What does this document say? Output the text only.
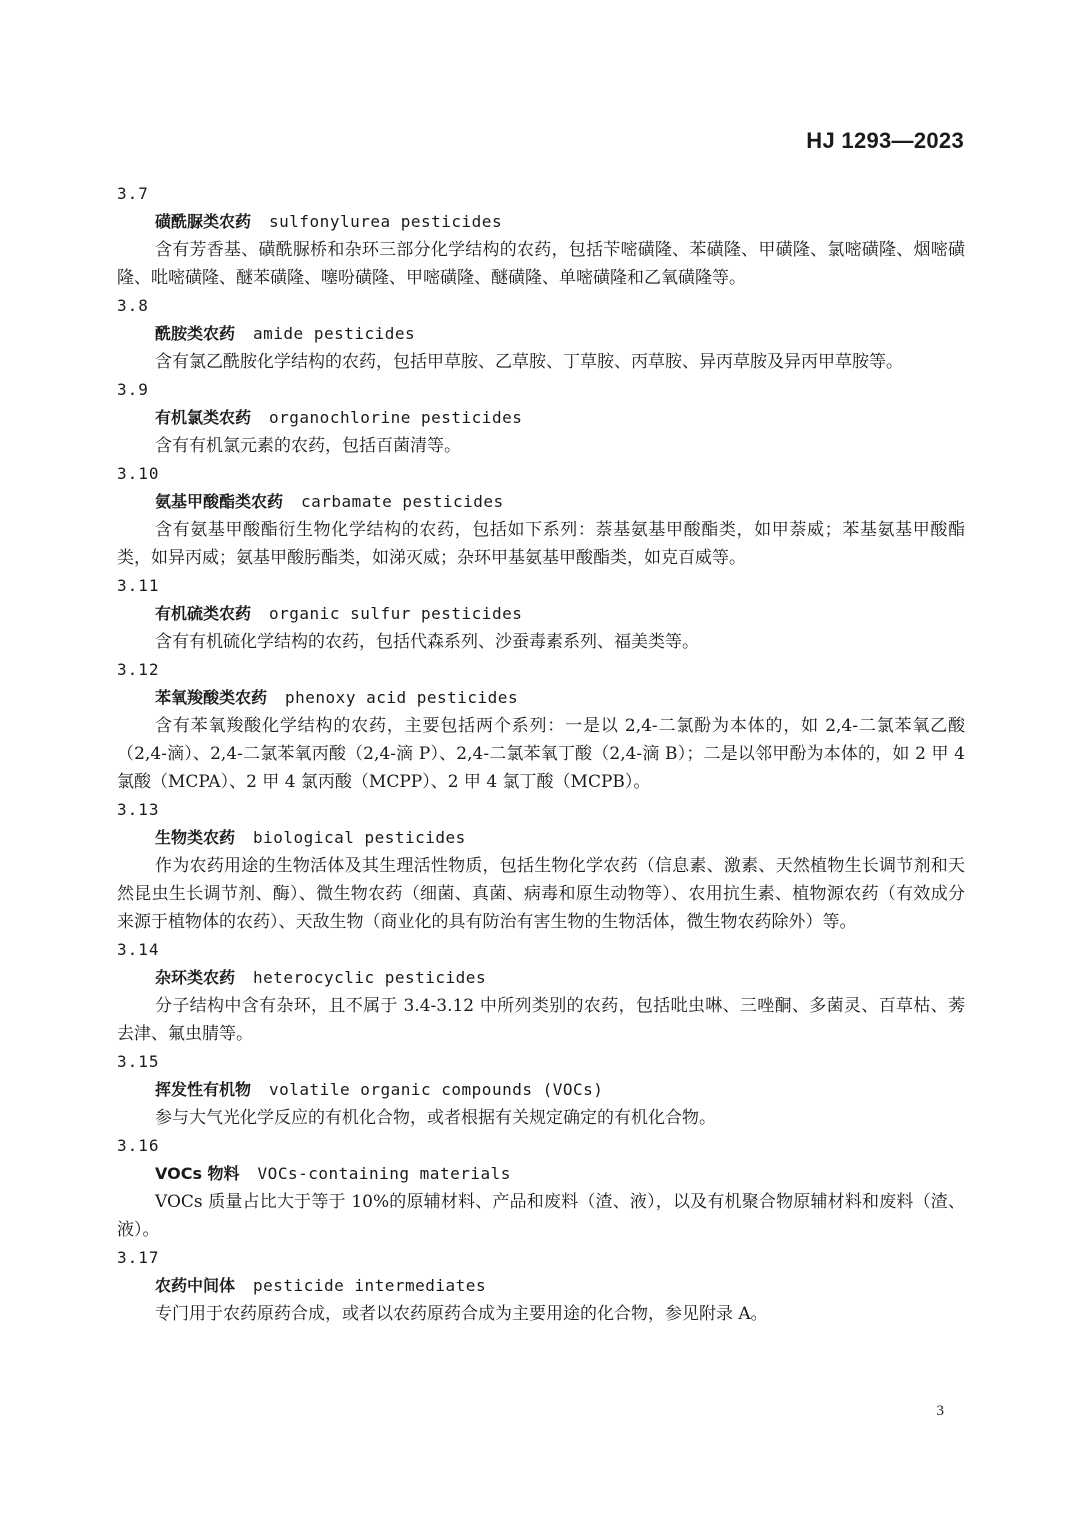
HJ 1293—2023
3.7
磺酰脲类农药 sulfonylurea pesticides

含有芳香基、磺酰脲桥和杂环三部分化学结构的农药，包括苄嘧磺隆、苯磺隆、甲磺隆、氯嘧磺隆、烟嘧磺隆、吡嘧磺隆、醚苯磺隆、噻吩磺隆、甲嘧磺隆、醚磺隆、单嘧磺隆和乙氧磺隆等。

3.8
酰胺类农药 amide pesticides

含有氯乙酰胺化学结构的农药，包括甲草胺、乙草胺、丁草胺、丙草胺、异丙草胺及异丙甲草胺等。

3.9
有机氯类农药 organochlorine pesticides

含有有机氯元素的农药，包括百菌清等。

3.10
氨基甲酸酯类农药 carbamate pesticides

含有氨基甲酸酯衍生物化学结构的农药，包括如下系列：萘基氨基甲酸酯类，如甲萘威；苯基氨基甲酸酯类，如异丙威；氨基甲酸肟酯类，如涕灭威；杂环甲基氨基甲酸酯类，如克百威等。

3.11
有机硫类农药 organic sulfur pesticides

含有有机硫化学结构的农药，包括代森系列、沙蚕毒素系列、福美类等。

3.12
苯氧羧酸类农药 phenoxy acid pesticides

含有苯氧羧酸化学结构的农药，主要包括两个系列：一是以 2,4-二氯酚为本体的，如 2,4-二氯苯氧乙酸（2,4-滴）、2,4-二氯苯氧丙酸（2,4-滴 P）、2,4-二氯苯氧丁酸（2,4-滴 B）；二是以邻甲酚为本体的，如 2 甲 4 氯酸（MCPA）、2 甲 4 氯丙酸（MCPP）、2 甲 4 氯丁酸（MCPB）。

3.13
生物类农药 biological pesticides

作为农药用途的生物活体及其生理活性物质，包括生物化学农药（信息素、激素、天然植物生长调节剂和天然昆虫生长调节剂、酶）、微生物农药（细菌、真菌、病毒和原生动物等）、农用抗生素、植物源农药（有效成分来源于植物体的农药）、天敌生物（商业化的具有防治有害生物的生物活体，微生物农药除外）等。

3.14
杂环类农药 heterocyclic pesticides

分子结构中含有杂环，且不属于 3.4-3.12 中所列类别的农药，包括吡虫啉、三唑酮、多菌灵、百草枯、莠去津、氟虫腈等。

3.15
挥发性有机物 volatile organic compounds (VOCs)

参与大气光化学反应的有机化合物，或者根据有关规定确定的有机化合物。

3.16
VOCs 物料 VOCs-containing materials

VOCs 质量占比大于等于 10%的原辅材料、产品和废料（渣、液），以及有机聚合物原辅材料和废料（渣、液）。

3.17
农药中间体 pesticide intermediates

专门用于农药原药合成，或者以农药原药合成为主要用途的化合物，参见附录 A。

3
